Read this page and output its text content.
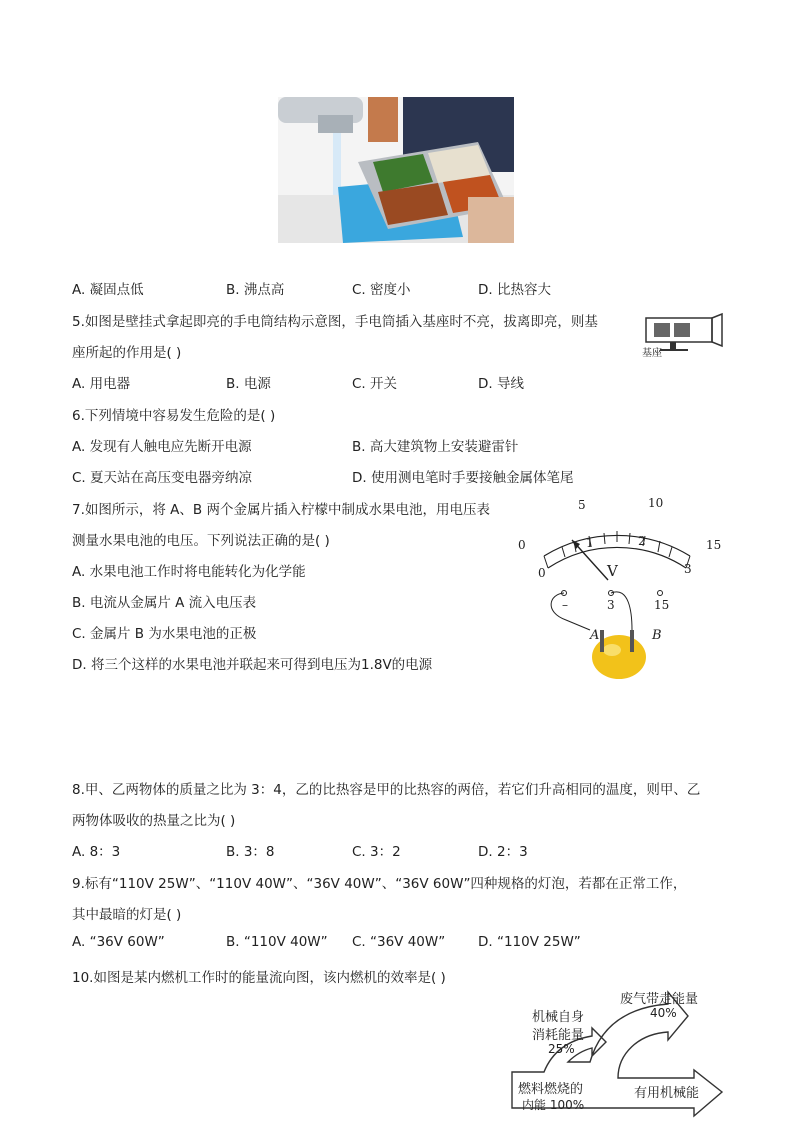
A. 凝固点低	B. 沸点高	C. 密度小	D. 比热容大
5.如图是壁挂式拿起即亮的手电筒结构示意图，手电筒插入基座时不亮，拔离即亮，则基
座所起的作用是( )	基座
A. 用电器	B. 电源	C. 开关	D. 导线
6.下列情境中容易发生危险的是( )
A. 发现有人触电应先断开电源	B. 高大建筑物上安装避雷针
C. 夏天站在高压变电器旁纳凉	D. 使用测电笔时手要接触金属体笔尾
7.如图所示，将 A、B 两个金属片插入柠檬中制成水果电池，用电压表
测量水果电池的电压。下列说法正确的是( )
A. 水果电池工作时将电能转化为化学能
B. 电流从金属片 A 流入电压表
C. 金属片 B 为水果电池的正极
D. 将三个这样的水果电池并联起来可得到电压为1.8V的电源
5	10
0	15
0
1	2
3
V
–	3	15
A	B
8.甲、乙两物体的质量之比为 3：4，乙的比热容是甲的比热容的两倍，若它们升高相同的温度，则甲、乙
两物体吸收的热量之比为( )
A. 8：3	B. 3：8	C. 3：2	D. 2：3
9.标有“110V 25W”、“110V 40W”、“36V 40W”、“36V 60W”四种规格的灯泡，若都在正常工作，
其中最暗的灯是( )
A. “36V 60W”	B. “110V 40W” C. “36V 40W” D. “110V 25W”
10.如图是某内燃机工作时的能量流向图，该内燃机的效率是( )
废气带走能量
40%
机械自身
消耗能量
25%
燃料燃烧的
内能 100%
有用机械能
